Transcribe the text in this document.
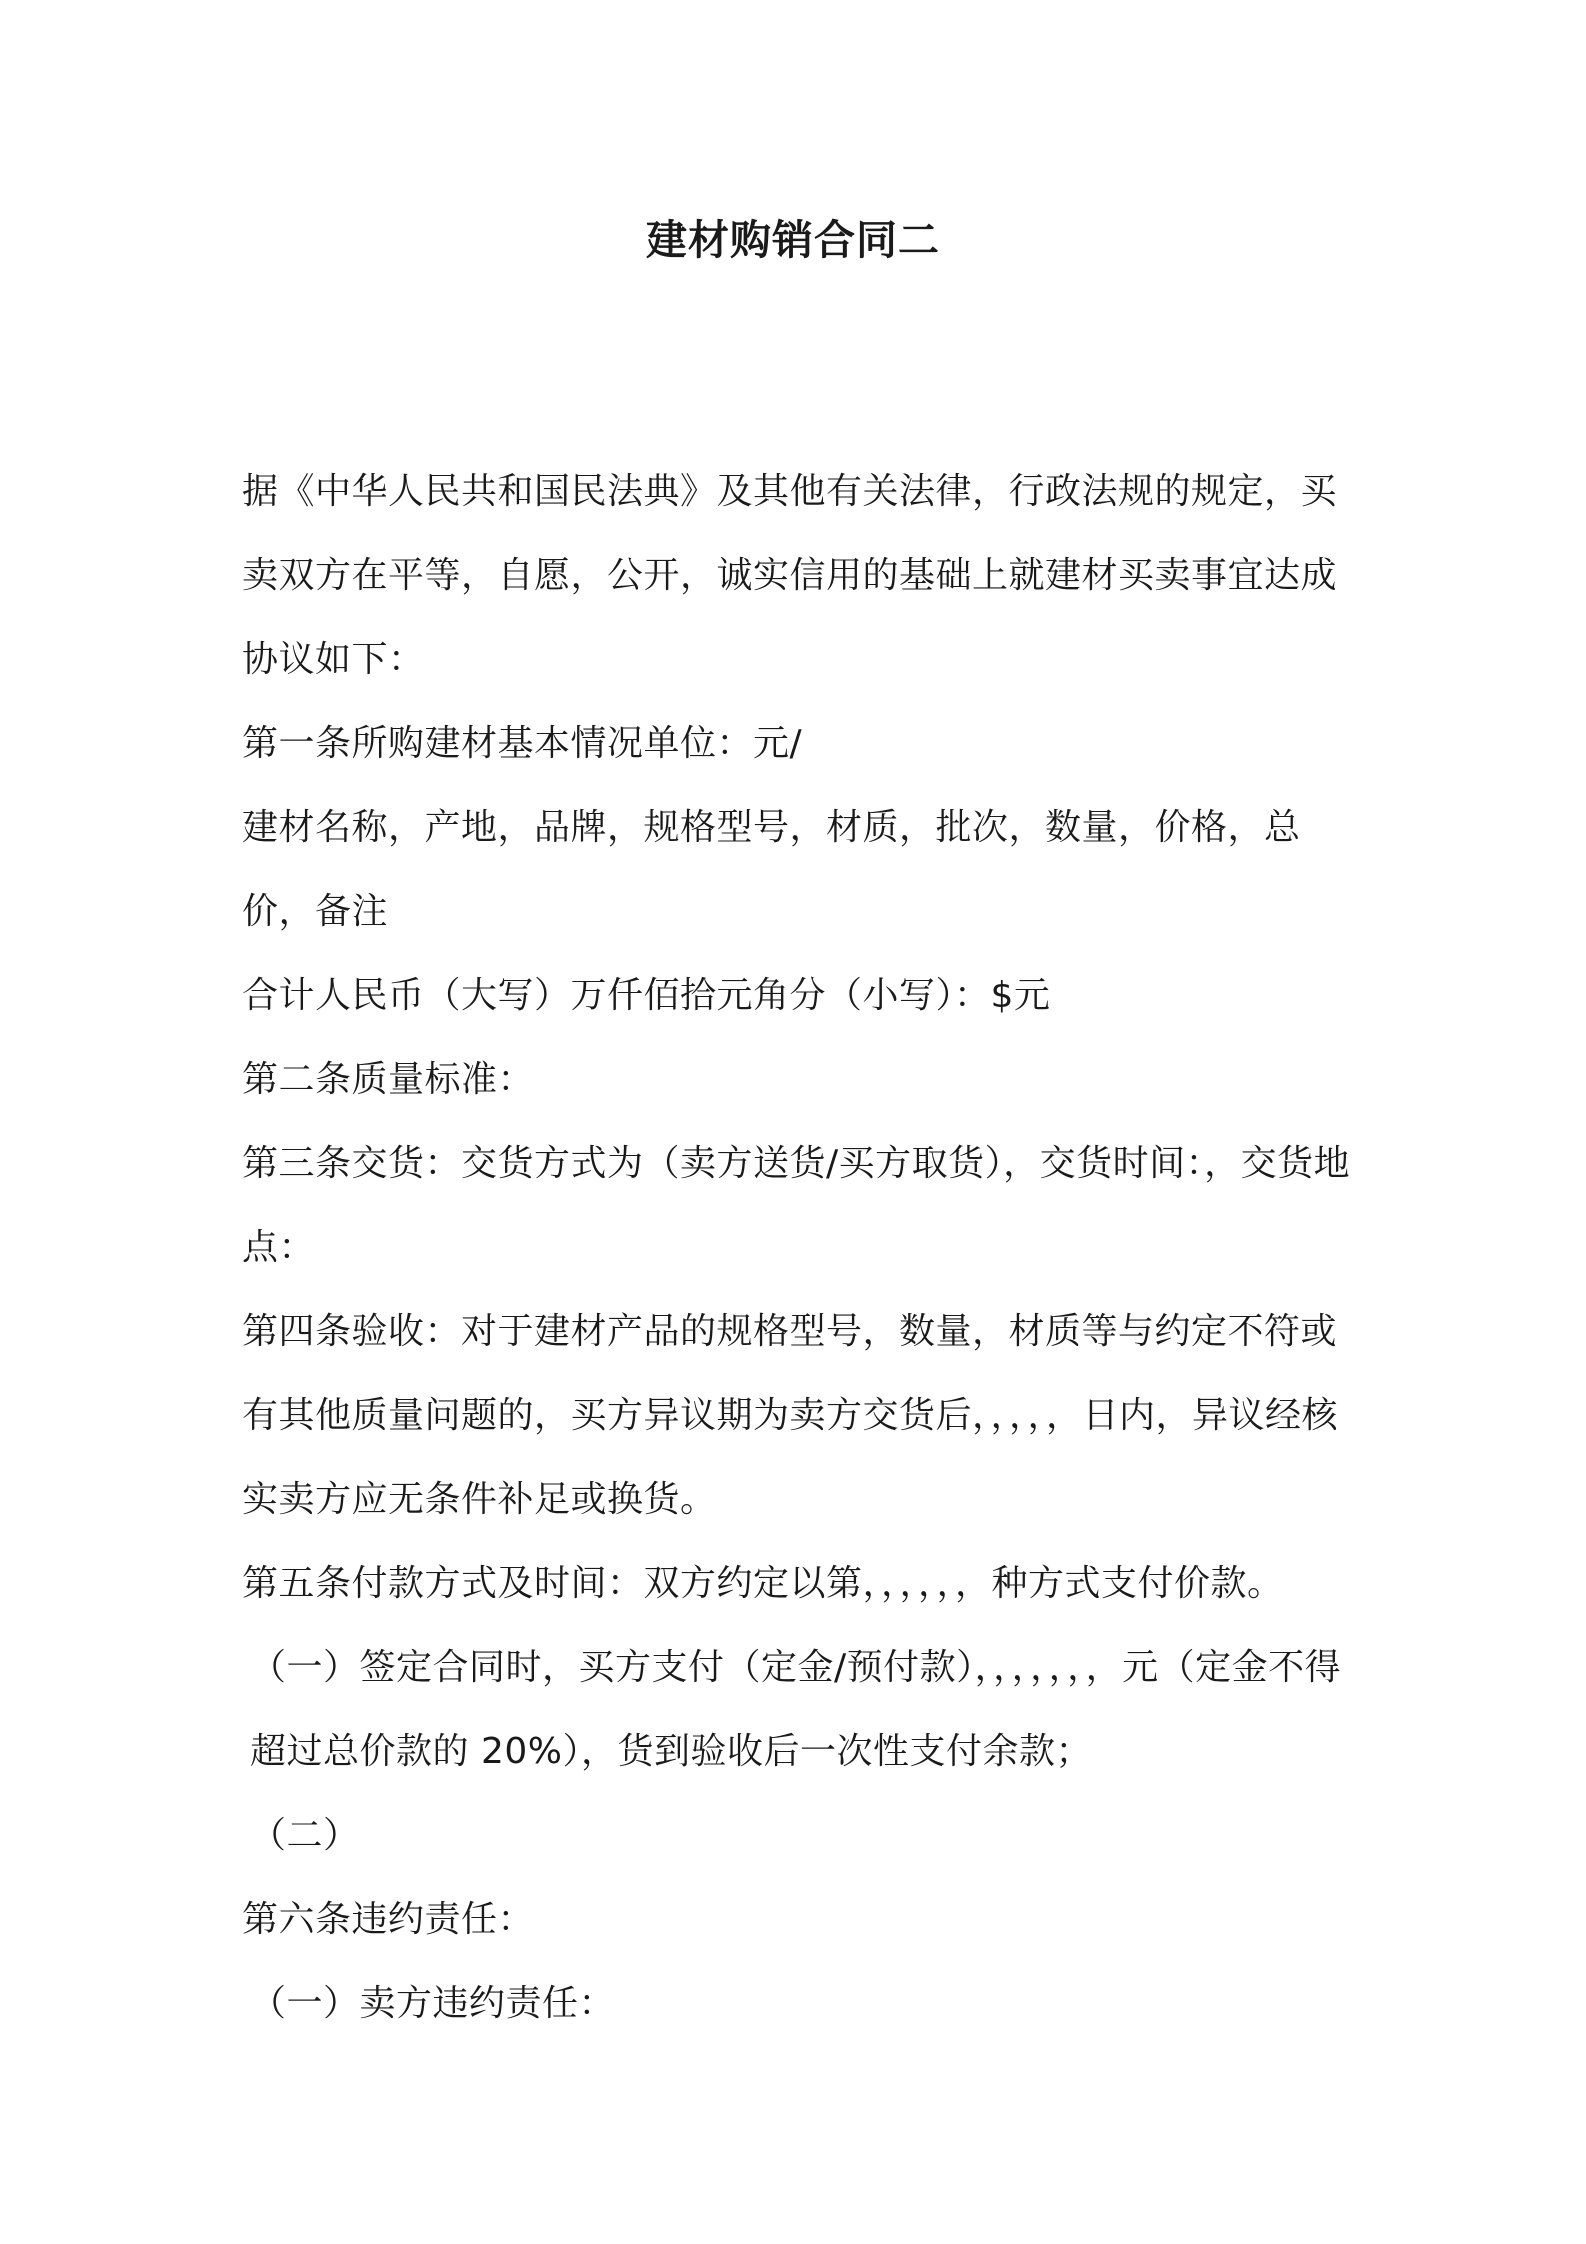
建材购销合同二

据《中华人民共和国民法典》及其他有关法律，行政法规的规定，买卖双方在平等，自愿，公开，诚实信用的基础上就建材买卖事宜达成协议如下：

第一条所购建材基本情况单位：元/

建材名称，产地，品牌，规格型号，材质，批次，数量，价格，总价，备注

合计人民币（大写）万仟佰拾元角分（小写）：$元

第二条质量标准：

第三条交货：交货方式为（卖方送货/买方取货），交货时间：，交货地点：

第四条验收：对于建材产品的规格型号，数量，材质等与约定不符或有其他质量问题的，买方异议期为卖方交货后，，，，，日内，异议经核实卖方应无条件补足或换货。

第五条付款方式及时间：双方约定以第，，，，，，种方式支付价款。

（一）签定合同时，买方支付（定金/预付款），，，，，，，元（定金不得超过总价款的 20%），货到验收后一次性支付余款；

（二）

第六条违约责任：

（一）卖方违约责任：
